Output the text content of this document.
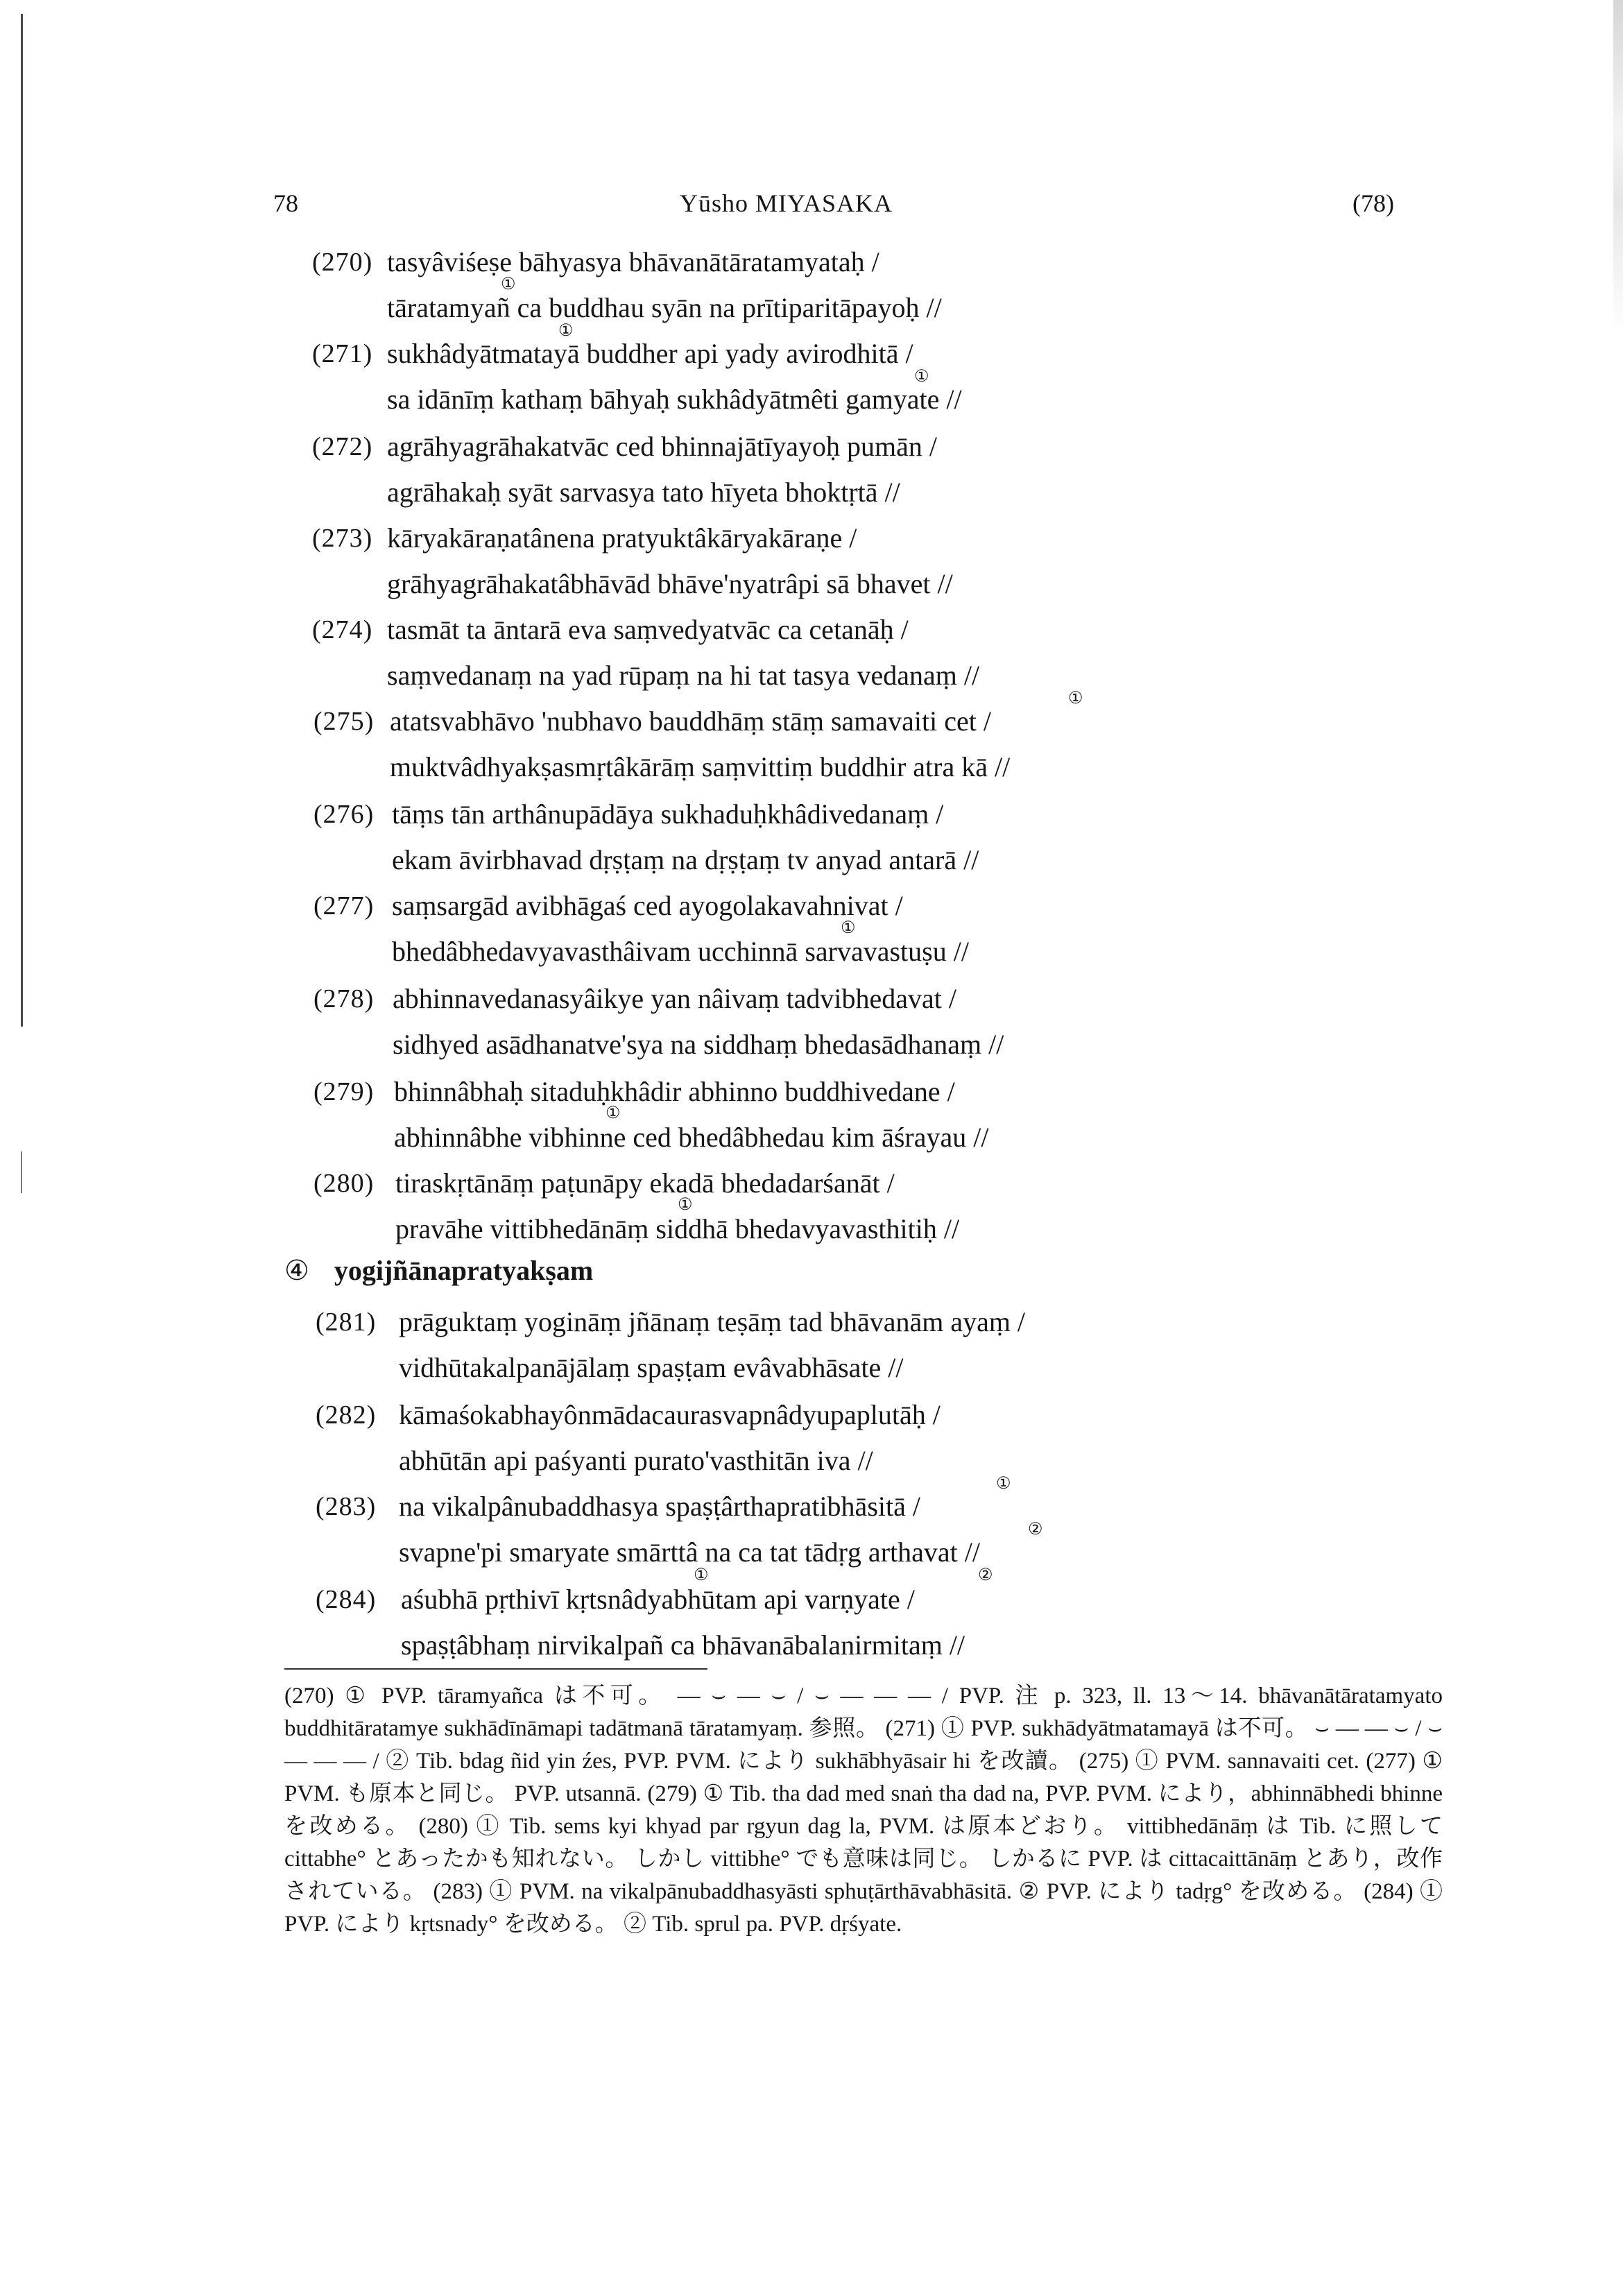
78	Yūsho MIYASAKA	(78)
(270) tasyâviśeṣe bāhyasya bhāvanātāratamyataḥ /
①
tāratamyañ ca buddhau syān na prītiparitāpayoḥ //
①
(271) sukhâdyātmatayā buddher api yady avirodhitā /
①
sa idānīṃ kathaṃ bāhyaḥ sukhâdyātmêti gamyate //
(272) agrāhyagrāhakatvāc ced bhinnajātīyayoḥ pumān /
agrāhakaḥ syāt sarvasya tato hīyeta bhoktṛtā //
(273) kāryakāraṇatânena pratyuktâkāryakāraṇe /
grāhyagrāhakatâbhāvād bhāve'nyatrâpi sā bhavet //
(274) tasmāt ta āntarā eva saṃvedyatvāc ca cetanāḥ /
saṃvedanaṃ na yad rūpaṃ na hi tat tasya vedanaṃ //
①
(275) atatsvabhāvo 'nubhavo bauddhāṃ stāṃ samavaiti cet /
muktvâdhyakṣasmṛtâkārāṃ saṃvittiṃ buddhir atra kā //
(276) tāṃs tān arthânupādāya sukhaduḥkhâdivedanaṃ /
ekam āvirbhavad dṛṣṭaṃ na dṛṣṭaṃ tv anyad antarā //
(277) saṃsargād avibhāgaś ced ayogolakavahnivat /
①
bhedâbhedavyavasthâivam ucchinnā sarvavastuṣu //
(278) abhinnavedanasyâikye yan nâivaṃ tadvibhedavat /
sidhyed asādhanatve'sya na siddhaṃ bhedasādhanaṃ //
(279) bhinnâbhaḥ sitaduḥkhâdir abhinno buddhivedane /
①
abhinnâbhe vibhinne ced bhedâbhedau kim āśrayau //
(280) tiraskṛtānāṃ paṭunāpy ekadā bhedadarśanāt /
①
pravāhe vittibhedānāṃ siddhā bhedavyavasthitiḥ //
④ yogijñānapratyakṣam
(281) prāguktaṃ yogināṃ jñānaṃ teṣāṃ tad bhāvanām ayaṃ /
vidhūtakalpanājālaṃ spaṣṭam evâvabhāsate //
(282) kāmaśokabhayônmādacaurasvapnâdyupaplutāḥ /
abhūtān api paśyanti purato'vasthitān iva //
①
(283) na vikalpânubaddhasya spaṣṭârthapratibhāsitā /
②
svapne'pi smaryate smārttâ na ca tat tādṛg arthavat //
①	②
(284) aśubhā pṛthivī kṛtsnâdyabhūtam api varṇyate /
spaṣṭâbhaṃ nirvikalpañ ca bhāvanābalanirmitaṃ //

(270) ① PVP. tāramyañca は不可。 — ⌣ — ⌣ / ⌣ — — — / PVP. 注 p. 323, ll. 13～14. bhāvanātāratamyato buddhitāratamye sukhādīnāmapi tadātmanā tāratamyaṃ. 参照。 (271) ① PVP. sukhādyātmatamayā は不可。 ⌣ — — ⌣ / ⌣ — — — / ② Tib. bdag ñid yin źes, PVP. PVM. により sukhābhyāsair hi を改讀。 (275) ① PVM. sannavaiti cet. (277) ① PVM. も原本と同じ。 PVP. utsannā. (279) ① Tib. tha dad med snaṅ tha dad na, PVP. PVM. により，abhinnābhedi bhinne を改める。 (280) ① Tib. sems kyi khyad par rgyun dag la, PVM. は原本どおり。 vittibhedānāṃ は Tib. に照して cittabhe° とあったかも知れない。 しかし vittibhe° でも意味は同じ。 しかるに PVP. は cittacaittānāṃ とあり，改作されている。 (283) ① PVM. na vikalpānubaddhasyāsti sphuṭārthāvabhāsitā. ② PVP. により tadṛg° を改める。 (284) ① PVP. により kṛtsnady° を改める。 ② Tib. sprul pa. PVP. dṛśyate.
